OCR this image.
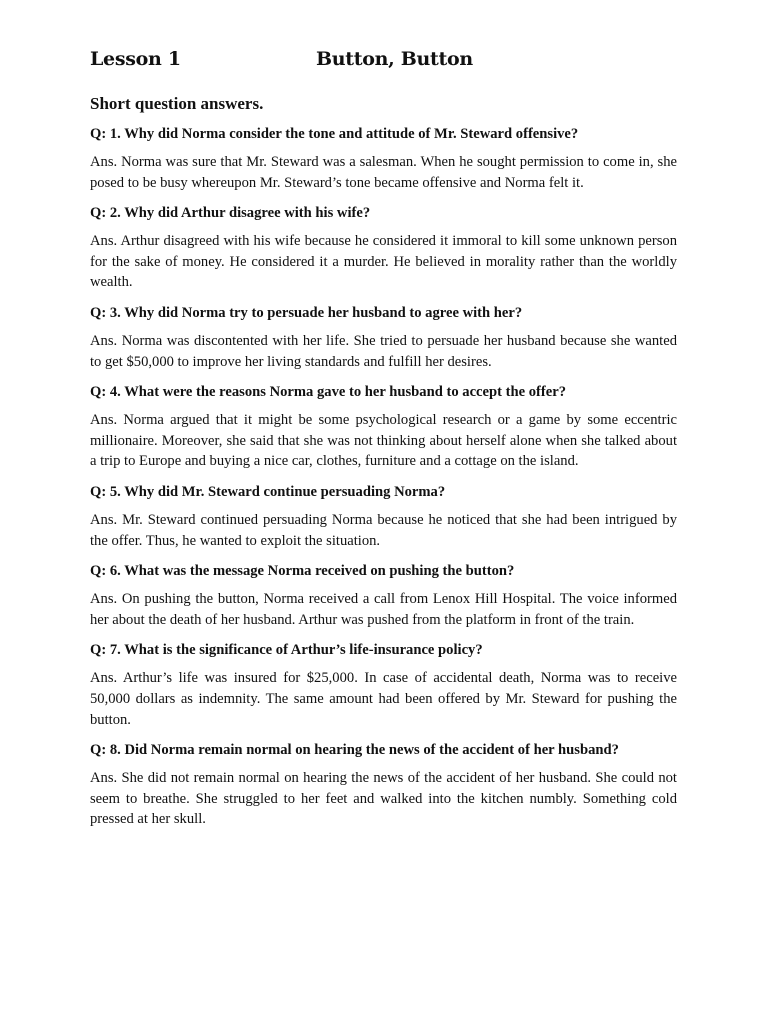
Lesson 1	Button, Button
Short question answers.

Q: 1. Why did Norma consider the tone and attitude of Mr. Steward offensive?

Ans. Norma was sure that Mr. Steward was a salesman. When he sought permission to come in, she posed to be busy whereupon Mr. Steward’s tone became offensive and Norma felt it.

Q: 2. Why did Arthur disagree with his wife?

Ans. Arthur disagreed with his wife because he considered it immoral to kill some unknown person for the sake of money. He considered it a murder. He believed in morality rather than the worldly wealth.

Q: 3. Why did Norma try to persuade her husband to agree with her?

Ans. Norma was discontented with her life. She tried to persuade her husband because she wanted to get $50,000 to improve her living standards and fulfill her desires.

Q: 4. What were the reasons Norma gave to her husband to accept the offer?

Ans. Norma argued that it might be some psychological research or a game by some eccentric millionaire. Moreover, she said that she was not thinking about herself alone when she talked about a trip to Europe and buying a nice car, clothes, furniture and a cottage on the island.

Q: 5. Why did Mr. Steward continue persuading Norma?

Ans. Mr. Steward continued persuading Norma because he noticed that she had been intrigued by the offer. Thus, he wanted to exploit the situation.

Q: 6. What was the message Norma received on pushing the button?

Ans. On pushing the button, Norma received a call from Lenox Hill Hospital. The voice informed her about the death of her husband. Arthur was pushed from the platform in front of the train.

Q: 7. What is the significance of Arthur’s life-insurance policy?

Ans. Arthur’s life was insured for $25,000. In case of accidental death, Norma was to receive 50,000 dollars as indemnity. The same amount had been offered by Mr. Steward for pushing the button.

Q: 8. Did Norma remain normal on hearing the news of the accident of her husband?

Ans. She did not remain normal on hearing the news of the accident of her husband. She could not seem to breathe. She struggled to her feet and walked into the kitchen numbly. Something cold pressed at her skull.
